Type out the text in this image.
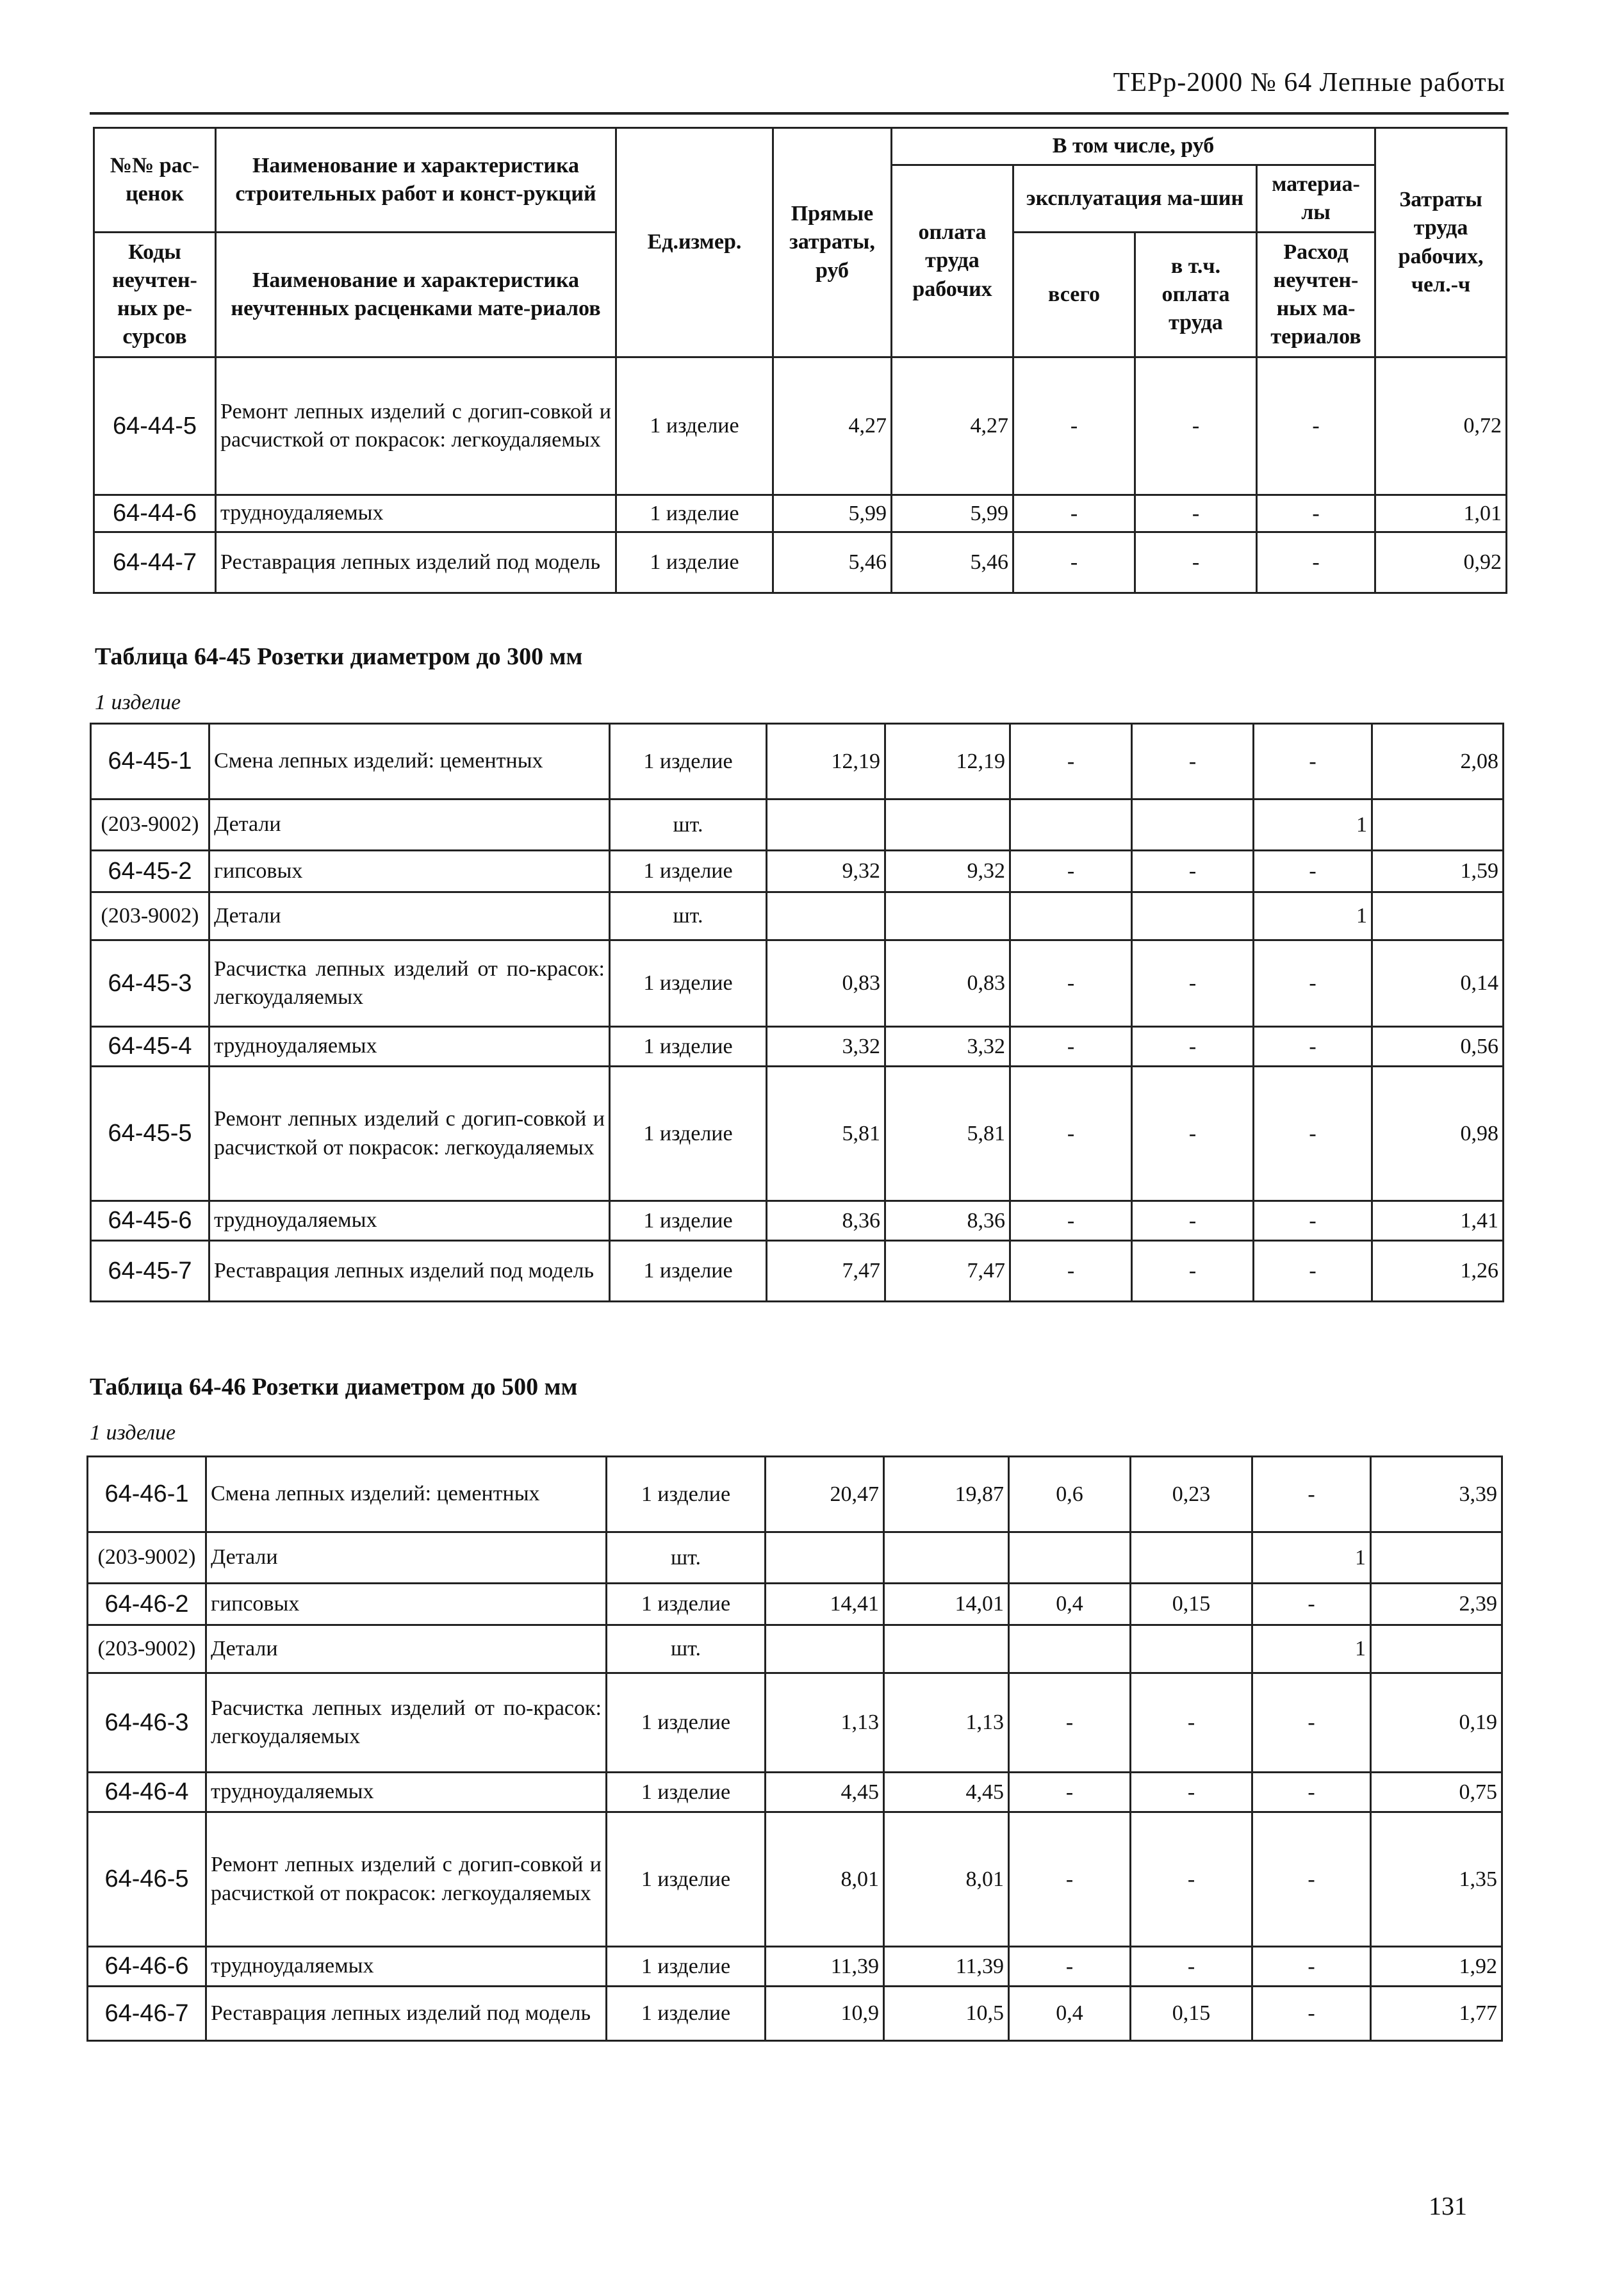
ТЕРр-2000 № 64 Лепные работы
№№ рас-ценок	Наименование и характеристика строительных работ и конст-рукций	Ед.измер.	Прямые затраты, руб	В том числе, руб				Затраты труда рабочих, чел.-ч
				оплата труда рабочих	эксплуатация ма-шин		материа-лы	
Коды неучтен-ных ре-сурсов	Наименование и характеристика неучтенных расценками мате-риалов				всего	в т.ч. оплата труда	Расход неучтен-ных ма-териалов	

64-44-5	Ремонт лепных изделий с догип-совкой и расчисткой от покрасок: легкоудаляемых	1 изделие	4,27	4,27	-	-	-	0,72
64-44-6	трудноудаляемых	1 изделие	5,99	5,99	-	-	-	1,01
64-44-7	Реставрация лепных изделий под модель	1 изделие	5,46	5,46	-	-	-	0,92
Таблица 64-45 Розетки диаметром до 300 мм
1 изделие
64-45-1	Смена лепных изделий: цементных	1 изделие	12,19	12,19	-	-	-	2,08
(203-9002)	Детали	шт.					1	
64-45-2	гипсовых	1 изделие	9,32	9,32	-	-	-	1,59
(203-9002)	Детали	шт.					1	
64-45-3	Расчистка лепных изделий от по-красок: легкоудаляемых	1 изделие	0,83	0,83	-	-	-	0,14
64-45-4	трудноудаляемых	1 изделие	3,32	3,32	-	-	-	0,56
64-45-5	Ремонт лепных изделий с догип-совкой и расчисткой от покрасок: легкоудаляемых	1 изделие	5,81	5,81	-	-	-	0,98
64-45-6	трудноудаляемых	1 изделие	8,36	8,36	-	-	-	1,41
64-45-7	Реставрация лепных изделий под модель	1 изделие	7,47	7,47	-	-	-	1,26
Таблица 64-46 Розетки диаметром до 500 мм
1 изделие
64-46-1	Смена лепных изделий: цементных	1 изделие	20,47	19,87	0,6	0,23	-	3,39
(203-9002)	Детали	шт.					1	
64-46-2	гипсовых	1 изделие	14,41	14,01	0,4	0,15	-	2,39
(203-9002)	Детали	шт.					1	
64-46-3	Расчистка лепных изделий от по-красок: легкоудаляемых	1 изделие	1,13	1,13	-	-	-	0,19
64-46-4	трудноудаляемых	1 изделие	4,45	4,45	-	-	-	0,75
64-46-5	Ремонт лепных изделий с догип-совкой и расчисткой от покрасок: легкоудаляемых	1 изделие	8,01	8,01	-	-	-	1,35
64-46-6	трудноудаляемых	1 изделие	11,39	11,39	-	-	-	1,92
64-46-7	Реставрация лепных изделий под модель	1 изделие	10,9	10,5	0,4	0,15	-	1,77
131
